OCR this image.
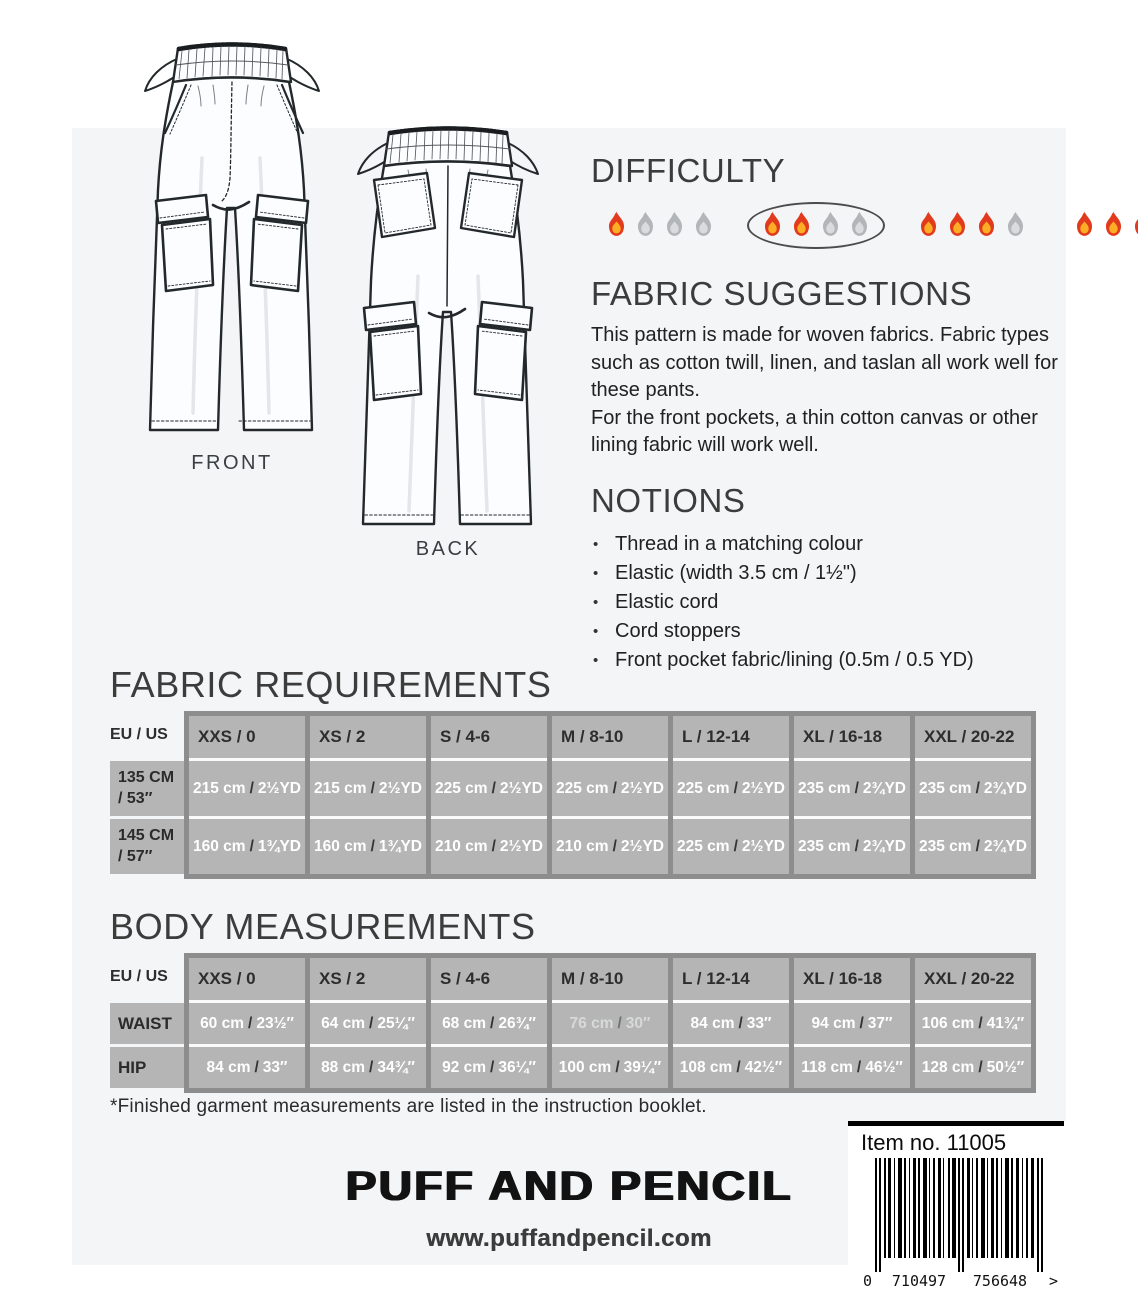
FRONT
BACK
DIFFICULTY
FABRIC SUGGESTIONS

This pattern is made for woven fabrics. Fabric types such as cotton twill, linen, and taslan all work well for these pants.

For the front pockets, a thin cotton canvas or other lining fabric will work well.

NOTIONS
• Thread in a matching colour
• Elastic (width 3.5 cm / 1½")
• Elastic cord
• Cord stoppers
• Front pocket fabric/lining (0.5m / 0.5 YD)
FABRIC REQUIREMENTS
EU / US
135 CM
/ 53″
145 CM
/ 57″
XXS / 0
215 cm / 2½YD
160 cm / 1¾YD
XS / 2
215 cm / 2½YD
160 cm / 1¾YD
S / 4-6
225 cm / 2½YD
210 cm / 2½YD
M / 8-10
225 cm / 2½YD
210 cm / 2½YD
L / 12-14
225 cm / 2½YD
225 cm / 2½YD
XL / 16-18
235 cm / 2¾YD
235 cm / 2¾YD
XXL / 20-22
235 cm / 2¾YD
235 cm / 2¾YD
BODY MEASUREMENTS
EU / US
WAIST
HIP
XXS / 0
60 cm / 23½″
84 cm / 33″
XS / 2
64 cm / 25¼″
88 cm / 34¾″
S / 4-6
68 cm / 26¾″
92 cm / 36¼″
M / 8-10
76 cm / 30″
100 cm / 39¼″
L / 12-14
84 cm / 33″
108 cm / 42½″
XL / 16-18
94 cm / 37″
118 cm / 46½″
XXL / 20-22
106 cm / 41¾″
128 cm / 50½″
*Finished garment measurements are listed in the instruction booklet.
PUFF AND PENCIL
www.puffandpencil.com
Item no. 11005
0 710497 756648 >
